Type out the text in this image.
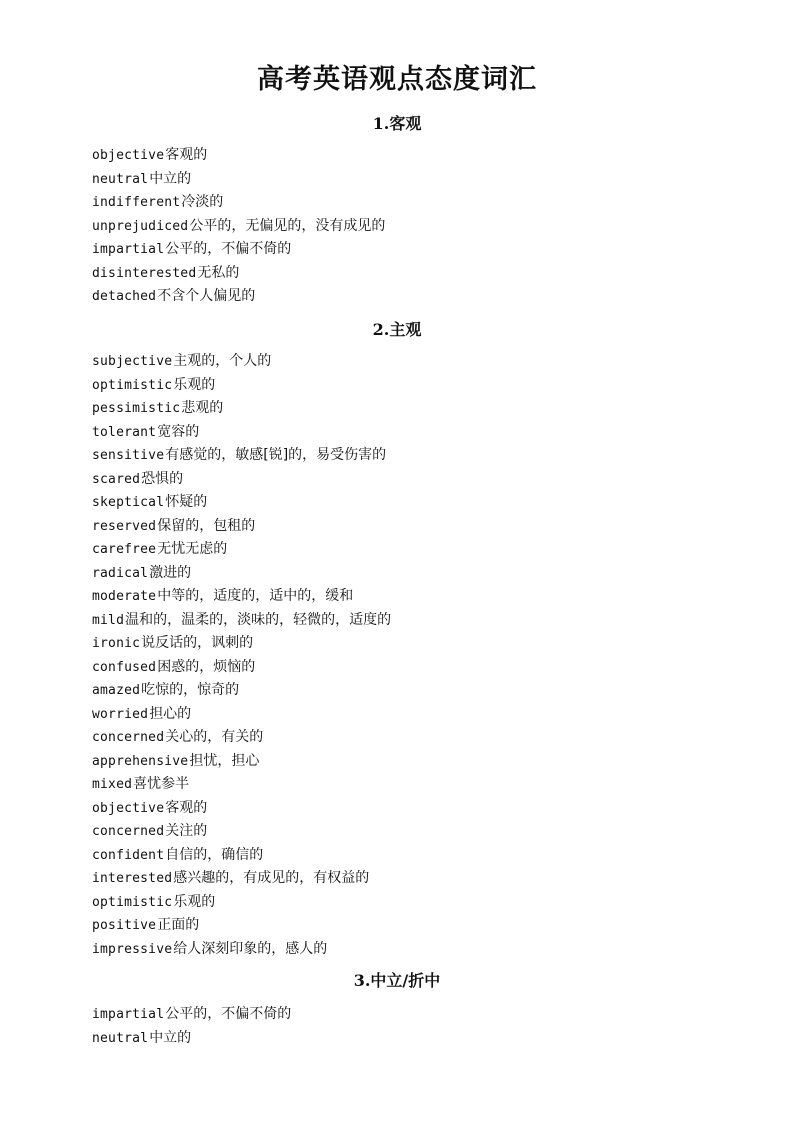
高考英语观点态度词汇
1.客观
objective客观的
neutral中立的
indifferent冷淡的
unprejudiced公平的，无偏见的，没有成见的
impartial公平的，不偏不倚的
disinterested无私的
detached不含个人偏见的
2.主观
subjective主观的，个人的
optimistic乐观的
pessimistic悲观的
tolerant宽容的
sensitive有感觉的，敏感[锐]的，易受伤害的
scared恐惧的
skeptical怀疑的
reserved保留的，包租的
carefree无忧无虑的
radical激进的
moderate中等的，适度的，适中的，缓和
mild温和的，温柔的，淡味的，轻微的，适度的
ironic说反话的，讽刺的
confused困惑的，烦恼的
amazed吃惊的，惊奇的
worried担心的
concerned关心的，有关的
apprehensive担忧，担心
mixed喜忧参半
objective客观的
concerned关注的
confident自信的，确信的
interested感兴趣的，有成见的，有权益的
optimistic乐观的
positive正面的
impressive给人深刻印象的，感人的
3.中立/折中
impartial公平的，不偏不倚的
neutral中立的
